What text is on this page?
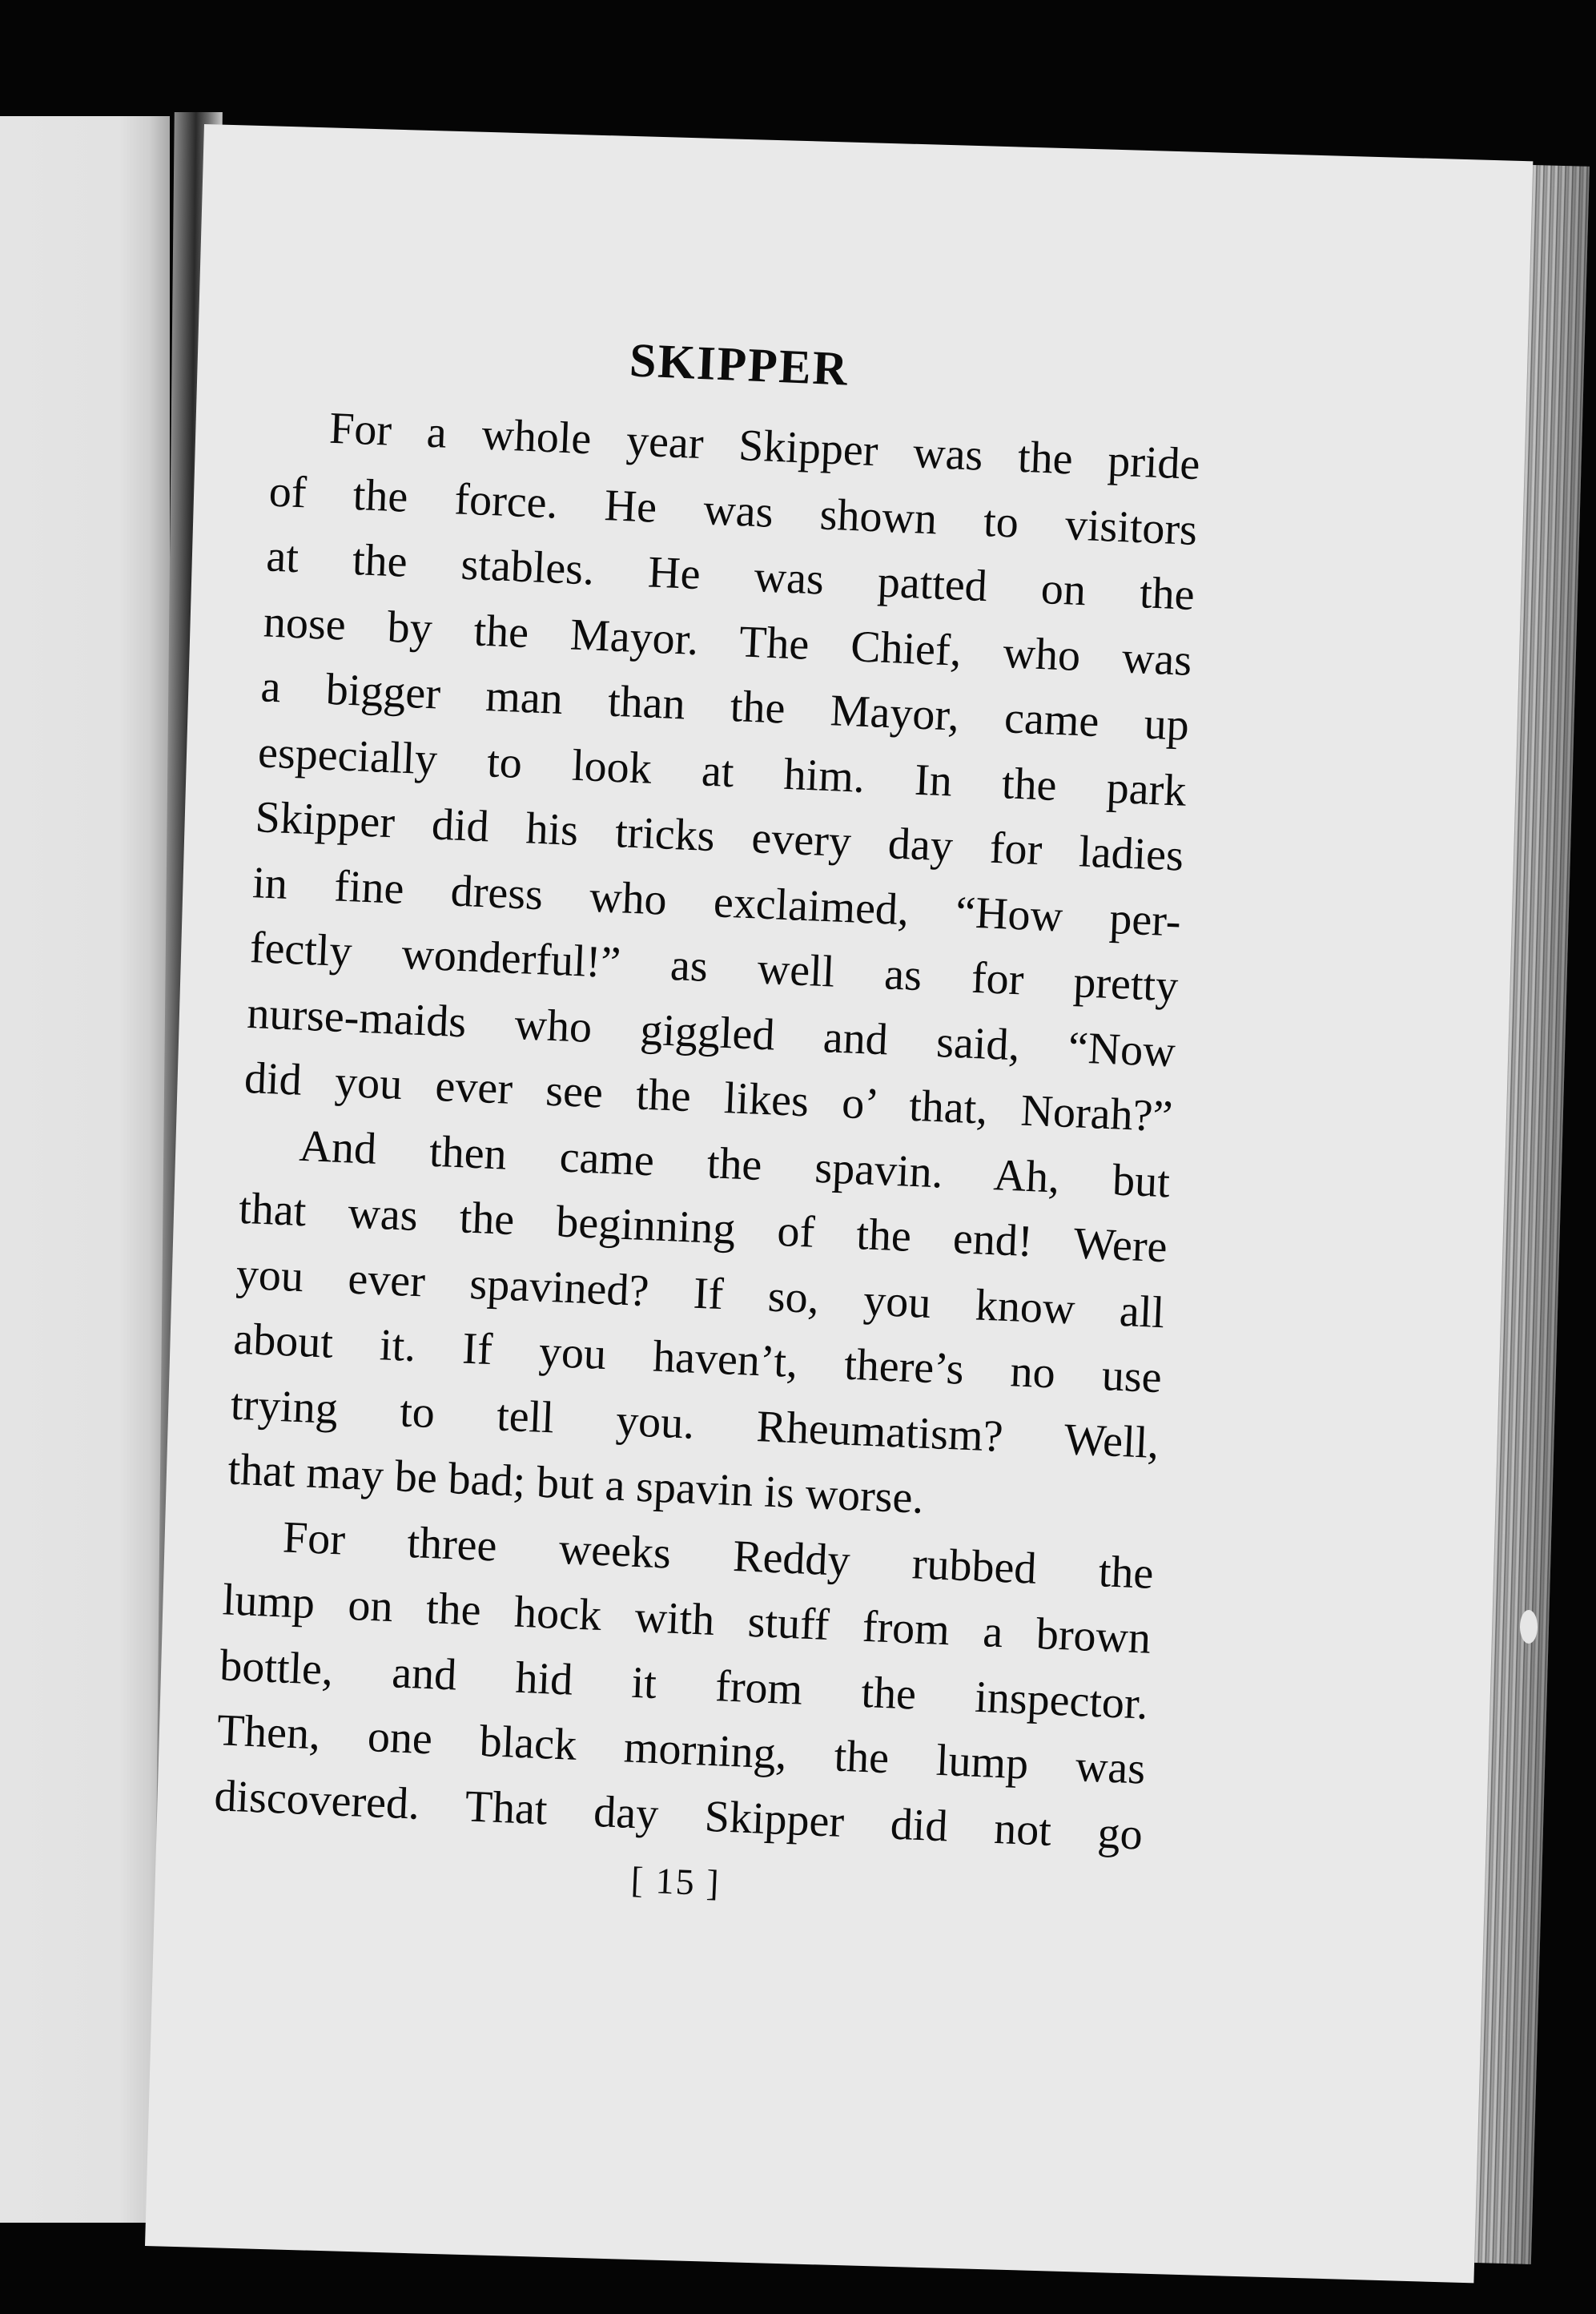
SKIPPER
For a whole year Skipper was the pride
of the force. He was shown to visitors
at the stables. He was patted on the
nose by the Mayor. The Chief, who was
a bigger man than the Mayor, came up
especially to look at him. In the park
Skipper did his tricks every day for ladies
in fine dress who exclaimed, “How per-
fectly wonderful!” as well as for pretty
nurse-maids who giggled and said, “Now
did you ever see the likes o’ that, Norah?”
And then came the spavin. Ah, but
that was the beginning of the end! Were
you ever spavined? If so, you know all
about it. If you haven’t, there’s no use
trying to tell you. Rheumatism? Well,
that may be bad; but a spavin is worse.
For three weeks Reddy rubbed the
lump on the hock with stuff from a brown
bottle, and hid it from the inspector.
Then, one black morning, the lump was
discovered. That day Skipper did not go
[ 15 ]
